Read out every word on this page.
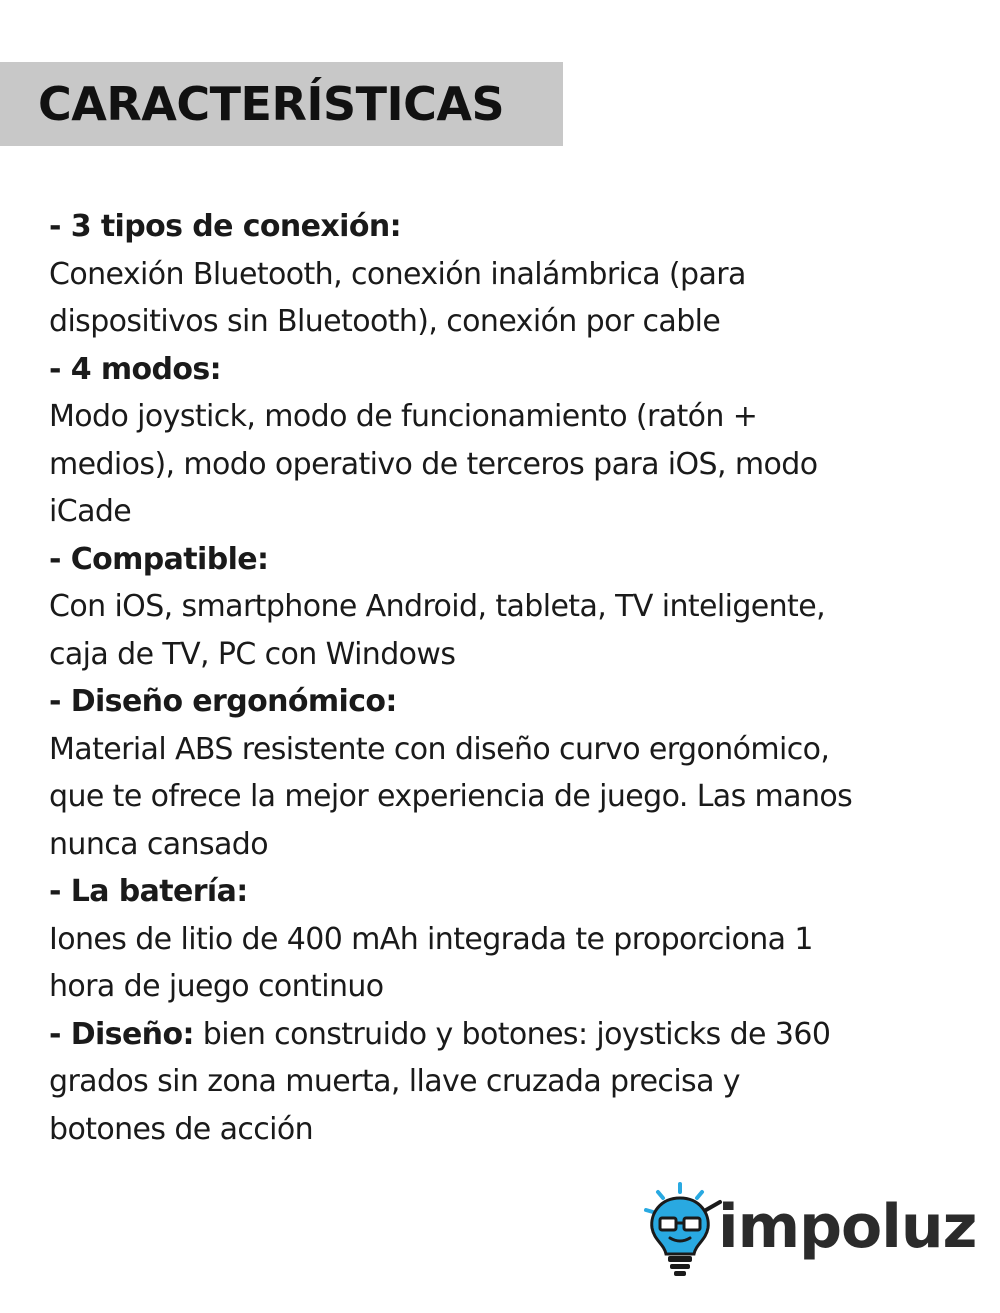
CARACTERÍSTICAS

- 3 tipos de conexión:

Conexión Bluetooth, conexión inalámbrica (para

dispositivos sin Bluetooth), conexión por cable

- 4 modos:

Modo joystick, modo de funcionamiento (ratón +

medios), modo operativo de terceros para iOS, modo

iCade

- Compatible:

Con iOS, smartphone Android, tableta, TV inteligente,

caja de TV, PC con Windows

- Diseño ergonómico:

Material ABS resistente con diseño curvo ergonómico,

que te ofrece la mejor experiencia de juego. Las manos

nunca cansado

- La batería:

Iones de litio de 400 mAh integrada te proporciona 1

hora de juego continuo

- Diseño: bien construido y botones: joysticks de 360

grados sin zona muerta, llave cruzada precisa y

botones de acción

impoluz
